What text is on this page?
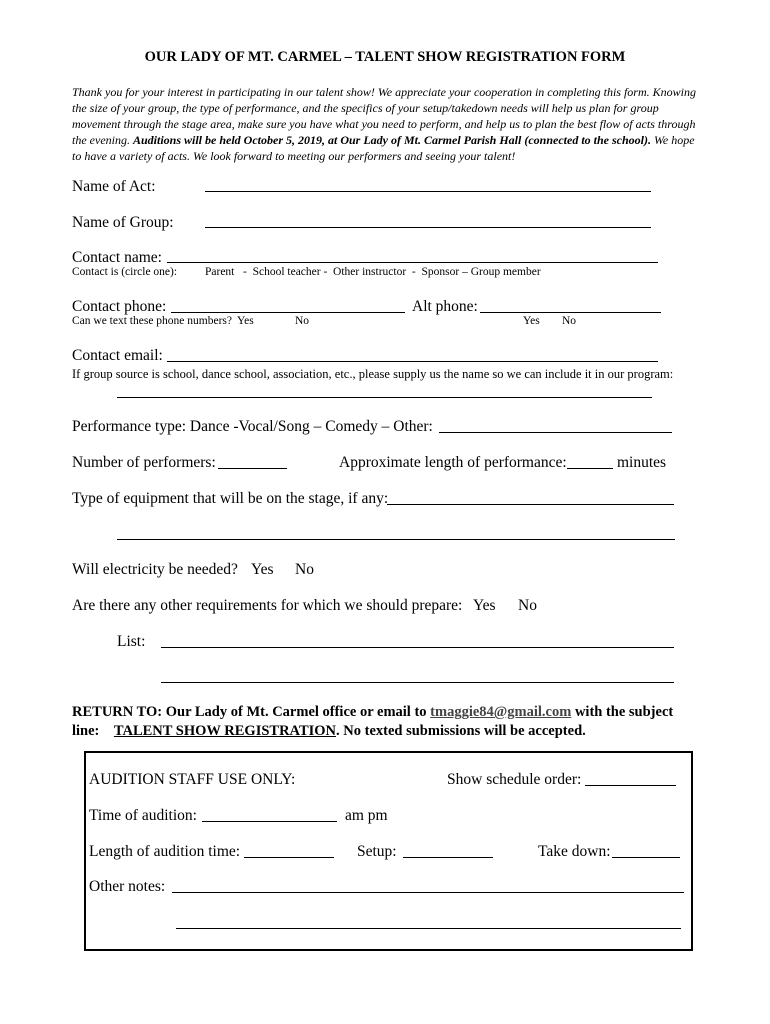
OUR LADY OF MT. CARMEL – TALENT SHOW REGISTRATION FORM
Thank you for your interest in participating in our talent show! We appreciate your cooperation in completing this form. Knowing the size of your group, the type of performance, and the specifics of your setup/takedown needs will help us plan for group movement through the stage area, make sure you have what you need to perform, and help us to plan the best flow of acts through the evening. Auditions will be held October 5, 2019, at Our Lady of Mt. Carmel Parish Hall (connected to the school). We hope to have a variety of acts. We look forward to meeting our performers and seeing your talent!
Name of Act:
Name of Group:
Contact name:
Contact is (circle one): Parent   -  School teacher -  Other instructor  -  Sponsor – Group member
Contact phone:	Alt phone:
Can we text these phone numbers? Yes	No	Yes No
Contact email:
If group source is school, dance school, association, etc., please supply us the name so we can include it in our program:
Performance type: Dance -Vocal/Song – Comedy – Other:
Number of performers:	Approximate length of performance:	minutes
Type of equipment that will be on the stage, if any:
Will electricity be needed? Yes No
Are there any other requirements for which we should prepare: Yes No
List:
RETURN TO: Our Lady of Mt. Carmel office or email to tmaggie84@gmail.com with the subject line: TALENT SHOW REGISTRATION. No texted submissions will be accepted.
AUDITION STAFF USE ONLY:	Show schedule order:
Time of audition:	am pm
Length of audition time:	Setup:	Take down:
Other notes:
